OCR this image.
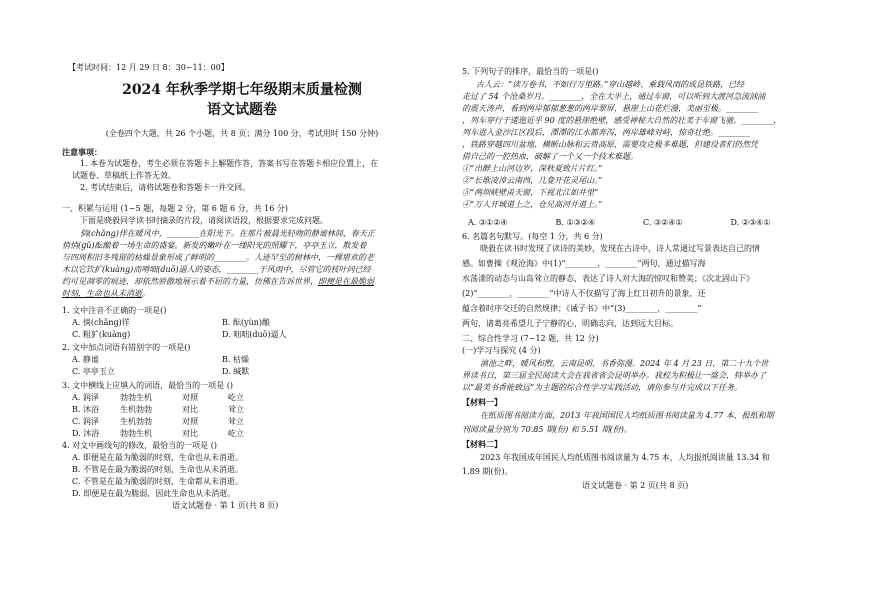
【考试时间：12 月 29 日 8：30~11：00】
2024 年秋季学期七年级期末质量检测
语文试题卷
(全卷四个大题，共 26 个小题，共 8 页；满分 100 分，考试用时 150 分钟)
注意事项：
1. 本卷为试题卷，考生必须在答题卡上解题作答，答案书写在答题卡相应位置上，在
试题卷、草稿纸上作答无效。
2. 考试结束后，请将试题卷和答题卡一并交回。
一、积累与运用 (1~5 题，每题 2 分，第 6 题 6 分，共 16 分)
下面是晓毅同学读书时摘录的片段，请阅读语段，根据要求完成问题。
倘(chǎng)佯在暖风中，________在阳光下。在那片被晨光轻吻的静谧林间，春天正
悄悄(ɡǔ)酝酿着一场生命的盛宴。新发的嫩叶在一缕阳光的照耀下，亭亭玉立，散发着
与四周积旧冬残留的枯燥景象形成了鲜明的________。人迹罕至的树林中，一棵堪欢的老
木以它饮扩(kuàng)而啃咄(duō)逼人的姿态，________于风雨中，尽管它的枝叶同已经
约可见凋零的痕迹，却依然骄傲地展示着不屈的力量，仿佛在告诉世界，即便是在最脆弱
时刻，生命也从未消逝。
1. 文中注音不正确的一项是()
A. 徜(chǎng)徉	B. 酝(yùn)酿
C. 粗犷(kuàng)	D. 咄咄(duō)逼人
2. 文中加点词语有错别字的一项是()
A. 静谧	B. 枯燥
C. 亭亭玉立	D. 缄默
3. 文中横线上应填入的词语，最恰当的一项是 ()
A. 润泽	勃勃生机	对照	屹立
B. 沐浴	生机勃勃	对比	耸立
C. 润泽	生机勃勃	对照	耸立
D. 沐浴	勃勃生机	对比	屹立
4. 对文中画线句的修改，最恰当的一项是 ()
A. 即便是在最为脆弱的时刻，生命也从未消逝。
B. 不管是在最为脆弱的时刻，生命也从未消逝。
C. 不管是在最为脆弱的时刻，生命都从未消逝。
D. 即便是在最为脆弱，因此生命也从未消逝。
语文试题卷 · 第 1 页(共 8 页)
5. 下列句子的排序，最恰当的一项是()
古人云：“读万卷书，不如行万里路。”穿山越岭、乘载风雨的成昆铁路，已经
走过了 54 个沧桑岁月。________，全在大半上，通过车窗，可以听到大渡河急流汹涌
的震天涛声，看到两岸郁郁葱葱的两岸翠屏，悬崖上山花烂漫，美丽至极。________
，列车穿行于逶迤近乎 90 度的悬崖绝壁，感受神秘大自然的壮美于车窗飞驰。________，
列车进入金沙江区段后，潭潭的江水都奔泻，两岸雄峰对峙，惊奇壮绝。________
，铁路穿越四川盆地、横断山脉和云贵高原，需要攻克极多难题，但建设者们仍然凭
借自己的一腔热血，破解了一个又一个技术难题。
①“出醉上山河边岁，深秋夏致片片红。”
②“长歌凌漳云南西，几龛开花灵尾山。”
③“两坝峡壁甬天窗，下视北江如井里”
④“万人开城道上之，仓兄高河并道上。”
A. ③①②④	B. ①③②④	C. ③②④①	D. ②③④①
6. 名篇名句默写。(每空 1 分，共 6 分)
晓毅在读书时发现了读诗的美妙，发现在古诗中，诗人常通过写景表达自己的情
感。如曹操《观沧海》中(1)“________，________”两句，通过描写海
水荡漾的动态与山岛耸立的静态，表达了诗人对大海的惊叹和赞美；《次北固山下》
(2)“________，________”中诗人不仅描写了海上红日初升的景象，还
蕴含着时序交迁的自然规律；《诫子书》中“(3)________，________”
两句，诸葛亮希望儿子宁静的心，明确志向，达到远大目标。
二、综合性学习 (7~12 题，共 12 分)
(一)学习与探究 (4 分)
滇池之畔，暖风和煦，云南昆明，书香弥漫。2024 年 4 月 23 日，第二十九个世
界读书日，第三届全民阅读大会在我省省会昆明举办。我校为积极让一盛会，特举办了
以“最美书香能致远”为主题的综合性学习实践活动，请你参与并完成以下任务。
【材料一】
在纸质图书阅读方面，2013 年我国国民人均纸质图书阅读量为 4.77 本，报纸和期
刊阅读量分别为 70.85 期(份) 和 5.51 期(份)。
【材料二】
2023 年我国成年国民人均纸质图书阅读量为 4.75 本，人均报纸阅读量 13.34 和
1.89 期(份)。
语文试题卷 · 第 2 页(共 8 页)
